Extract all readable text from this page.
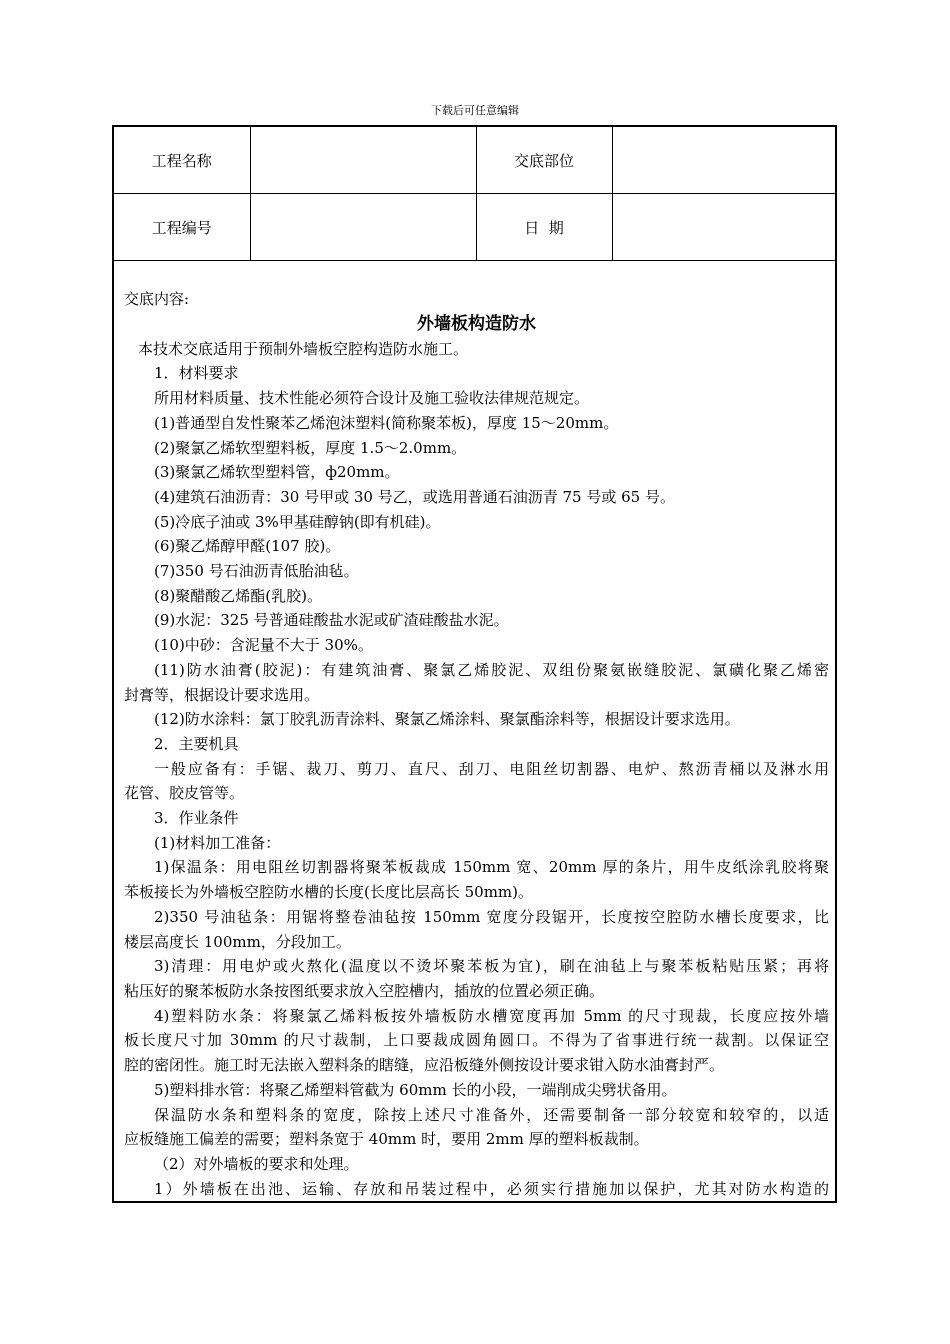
下载后可任意编辑
工程名称		交底部位	
工程编号		日  期	
交底内容:
外墙板构造防水
本技术交底适用于预制外墙板空腔构造防水施工。
1．材料要求
所用材料质量、技术性能必须符合设计及施工验收法律规范规定。
(1)普通型自发性聚苯乙烯泡沫塑料(简称聚苯板)，厚度 15～20mm。
(2)聚氯乙烯软型塑料板，厚度 1.5～2.0mm。
(3)聚氯乙烯软型塑料管，ф20mm。
(4)建筑石油沥青：30 号甲或 30 号乙，或选用普通石油沥青 75 号或 65 号。
(5)冷底子油或 3%甲基硅醇钠(即有机硅)。
(6)聚乙烯醇甲醛(107 胶)。
(7)350 号石油沥青低胎油毡。
(8)聚醋酸乙烯酯(乳胶)。
(9)水泥：325 号普通硅酸盐水泥或矿渣硅酸盐水泥。
(10)中砂：含泥量不大于 30%。
(11)防水油膏(胶泥)：有建筑油膏、聚氯乙烯胶泥、双组份聚氨嵌缝胶泥、氯磺化聚乙烯密
封膏等，根据设计要求选用。
(12)防水涂料：氯丁胶乳沥青涂料、聚氯乙烯涂料、聚氯酯涂料等，根据设计要求选用。
2．主要机具
一般应备有：手锯、裁刀、剪刀、直尺、刮刀、电阻丝切割器、电炉、熬沥青桶以及淋水用
花管、胶皮管等。
3．作业条件
(1)材料加工准备：
1)保温条：用电阻丝切割器将聚苯板裁成 150mm 宽、20mm 厚的条片，用牛皮纸涂乳胶将聚
苯板接长为外墙板空腔防水槽的长度(长度比层高长 50mm)。
2)350 号油毡条：用锯将整卷油毡按 150mm 宽度分段锯开，长度按空腔防水槽长度要求，比
楼层高度长 100mm，分段加工。
3)清理：用电炉或火熬化(温度以不烫坏聚苯板为宜)，刷在油毡上与聚苯板粘贴压紧；再将
粘压好的聚苯板防水条按图纸要求放入空腔槽内，插放的位置必须正确。
4)塑料防水条：将聚氯乙烯料板按外墙板防水槽宽度再加 5mm 的尺寸现裁，长度应按外墙
板长度尺寸加 30mm 的尺寸裁制，上口要裁成圆角圆口。不得为了省事进行统一裁割。以保证空
腔的密闭性。施工时无法嵌入塑料条的瞎缝，应沿板缝外侧按设计要求钳入防水油膏封严。
5)塑料排水管：将聚乙烯塑料管截为 60mm 长的小段，一端削成尖劈状备用。
保温防水条和塑料条的宽度，除按上述尺寸准备外，还需要制备一部分较宽和较窄的，以适
应板缝施工偏差的需要；塑料条宽于 40mm 时，要用 2mm 厚的塑料板裁制。
（2）对外墙板的要求和处理。
1）外墙板在出池、运输、存放和吊装过程中，必须实行措施加以保护，尤其对防水构造的
